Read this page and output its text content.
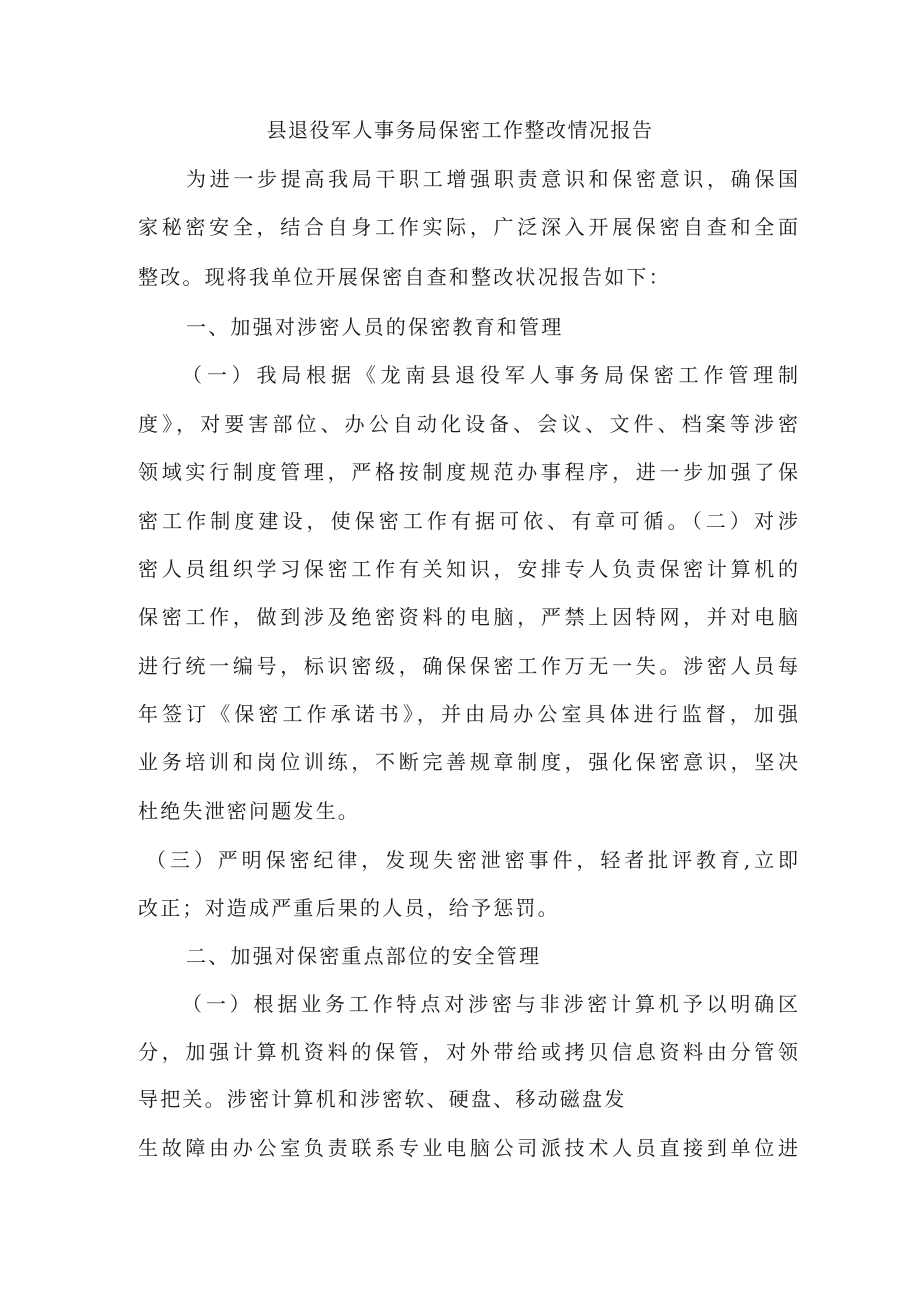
县退役军人事务局保密工作整改情况报告
为进一步提高我局干职工增强职责意识和保密意识，确保国
家秘密安全，结合自身工作实际，广泛深入开展保密自查和全面
整改。现将我单位开展保密自查和整改状况报告如下：
一、加强对涉密人员的保密教育和管理
（一）我局根据《龙南县退役军人事务局保密工作管理制
度》，对要害部位、办公自动化设备、会议、文件、档案等涉密
领域实行制度管理，严格按制度规范办事程序，进一步加强了保
密工作制度建设，使保密工作有据可依、有章可循。（二）对涉
密人员组织学习保密工作有关知识，安排专人负责保密计算机的
保密工作，做到涉及绝密资料的电脑，严禁上因特网，并对电脑
进行统一编号，标识密级，确保保密工作万无一失。涉密人员每
年签订《保密工作承诺书》，并由局办公室具体进行监督，加强
业务培训和岗位训练，不断完善规章制度，强化保密意识，坚决
杜绝失泄密问题发生。
（三）严明保密纪律，发现失密泄密事件，轻者批评教育,立即
改正；对造成严重后果的人员，给予惩罚。
二、加强对保密重点部位的安全管理
（一）根据业务工作特点对涉密与非涉密计算机予以明确区
分，加强计算机资料的保管，对外带给或拷贝信息资料由分管领
导把关。涉密计算机和涉密软、硬盘、移动磁盘发
生故障由办公室负责联系专业电脑公司派技术人员直接到单位进
